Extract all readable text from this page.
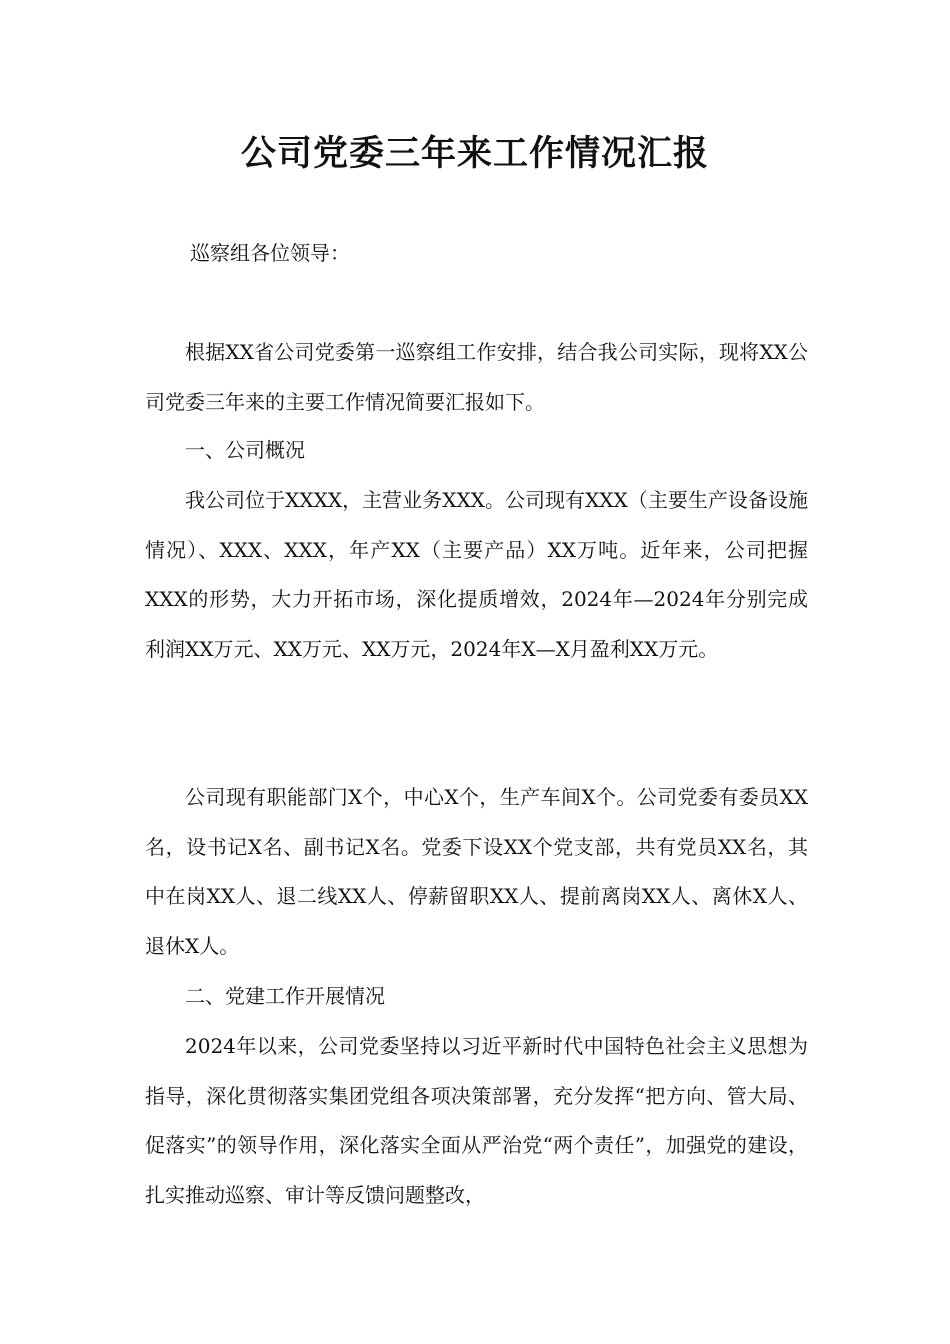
公司党委三年来工作情况汇报

巡察组各位领导：

根据XX省公司党委第一巡察组工作安排，结合我公司实际，现将XX公司党委三年来的主要工作情况简要汇报如下。

一、公司概况

我公司位于XXXX，主营业务XXX。公司现有XXX（主要生产设备设施情况）、XXX、XXX，年产XX（主要产品）XX万吨。近年来，公司把握XXX的形势，大力开拓市场，深化提质增效，2024年—2024年分别完成利润XX万元、XX万元、XX万元，2024年X—X月盈利XX万元。

公司现有职能部门X个，中心X个，生产车间X个。公司党委有委员XX名，设书记X名、副书记X名。党委下设XX个党支部，共有党员XX名，其中在岗XX人、退二线XX人、停薪留职XX人、提前离岗XX人、离休X人、退休X人。

二、党建工作开展情况

2024年以来，公司党委坚持以习近平新时代中国特色社会主义思想为指导，深化贯彻落实集团党组各项决策部署，充分发挥“把方向、管大局、促落实”的领导作用，深化落实全面从严治党“两个责任”，加强党的建设，扎实推动巡察、审计等反馈问题整改，
